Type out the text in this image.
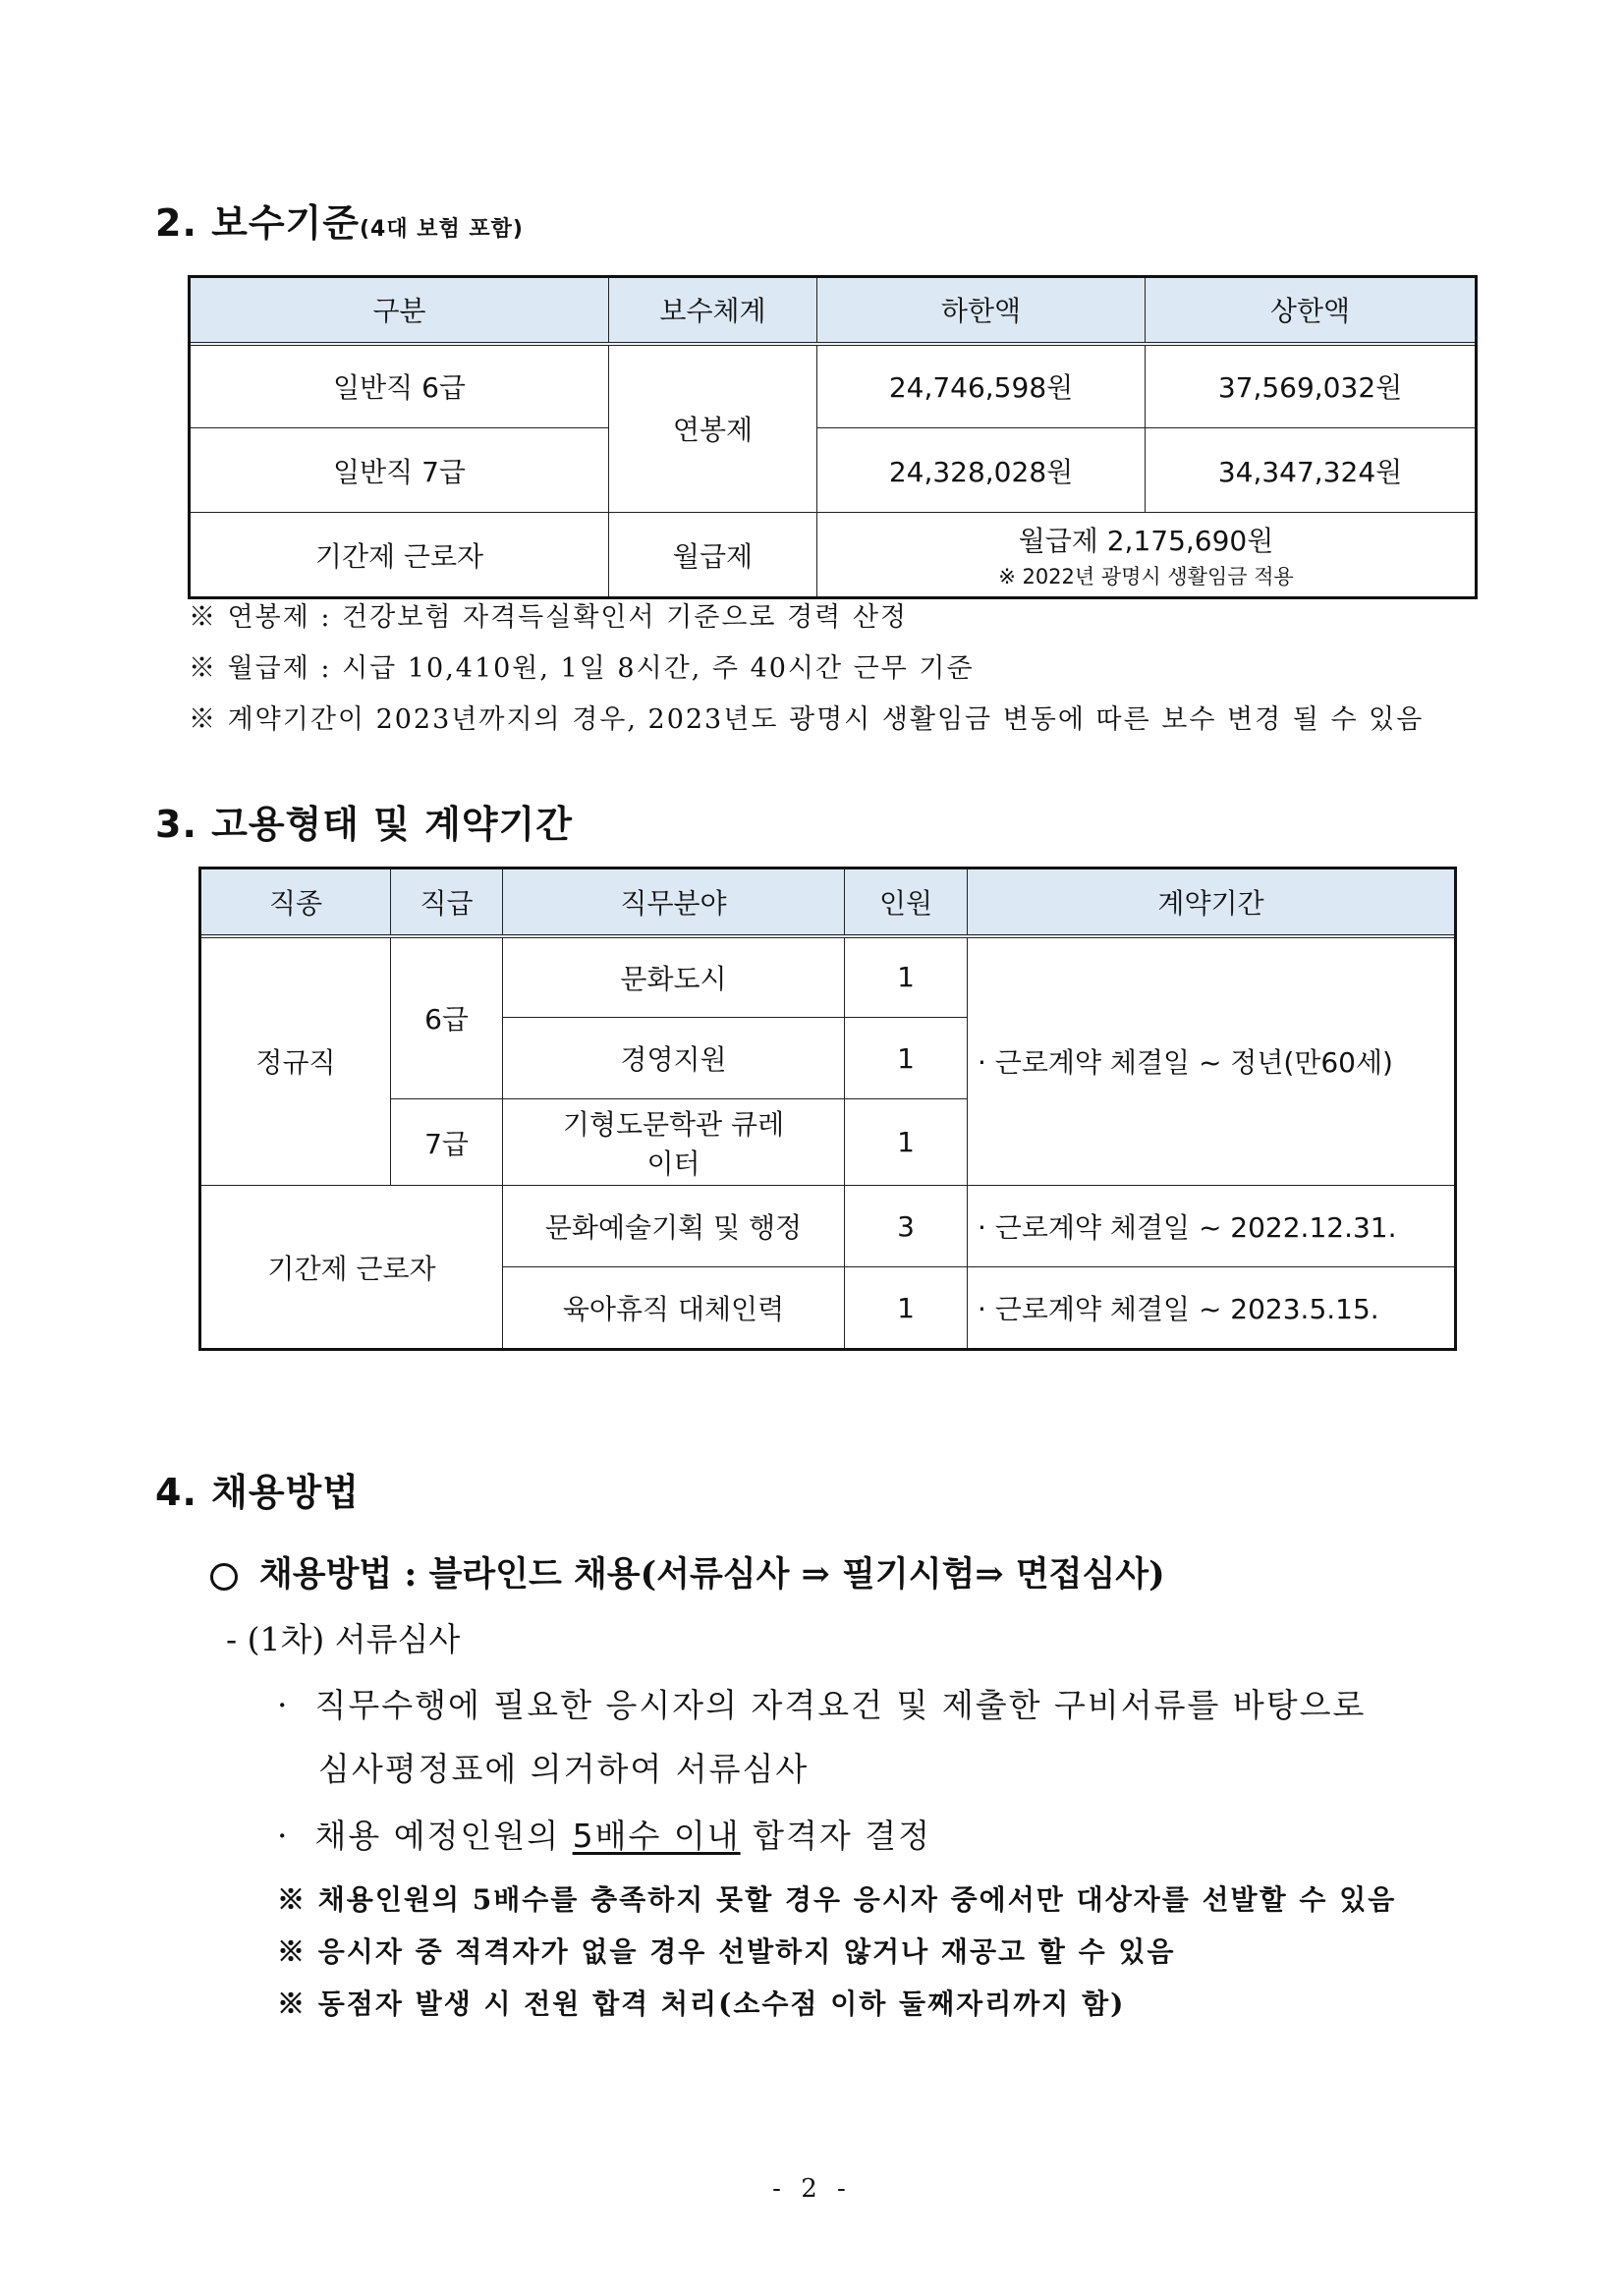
2. 보수기준(4대 보험 포함)
구분	보수체계	하한액	상한액
일반직 6급	연봉제	24,746,598원	37,569,032원
일반직 7급		24,328,028원	34,347,324원
기간제 근로자	월급제	월급제 2,175,690원
※ 2022년 광명시 생활임금 적용	
※ 연봉제 : 건강보험 자격득실확인서 기준으로 경력 산정
※ 월급제 : 시급 10,410원, 1일 8시간, 주 40시간 근무 기준
※ 계약기간이 2023년까지의 경우, 2023년도 광명시 생활임금 변동에 따른 보수 변경 될 수 있음
3. 고용형태 및 계약기간
직종	직급	직무분야	인원	계약기간
정규직	6급	문화도시	1	· 근로계약 체결일 ~ 정년(만60세)
		경영지원	1	
	7급	기형도문학관 큐레이터	1	
기간제 근로자		문화예술기획 및 행정	3	· 근로계약 체결일 ~ 2022.12.31.
		육아휴직 대체인력	1	· 근로계약 체결일 ~ 2023.5.15.
4. 채용방법
채용방법 : 블라인드 채용(서류심사 ⇒ 필기시험⇒ 면접심사)
- (1차) 서류심사
· 직무수행에 필요한 응시자의 자격요건 및 제출한 구비서류를 바탕으로
심사평정표에 의거하여 서류심사
· 채용 예정인원의 5배수 이내 합격자 결정
※ 채용인원의 5배수를 충족하지 못할 경우 응시자 중에서만 대상자를 선발할 수 있음
※ 응시자 중 적격자가 없을 경우 선발하지 않거나 재공고 할 수 있음
※ 동점자 발생 시 전원 합격 처리(소수점 이하 둘째자리까지 함)
- 2 -
